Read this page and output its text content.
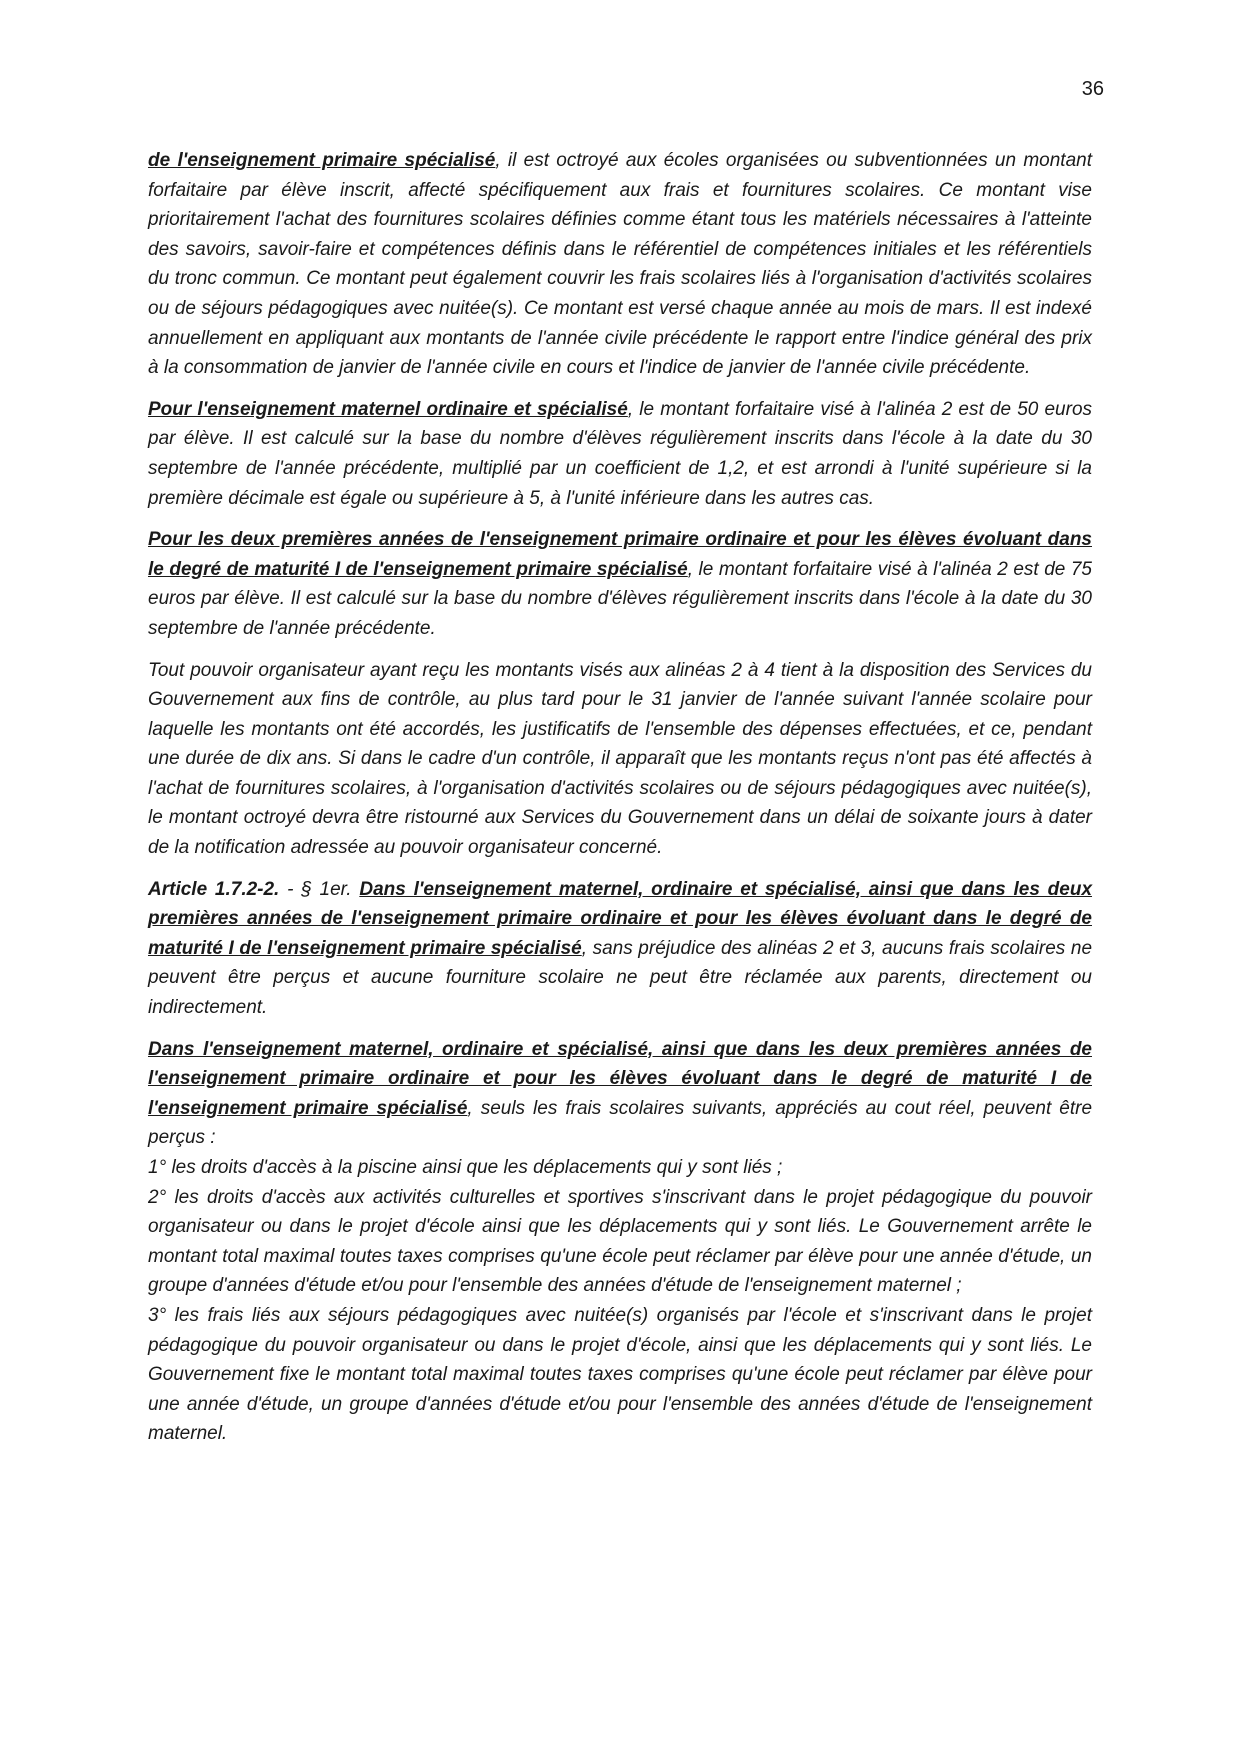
36

de l'enseignement primaire spécialisé, il est octroyé aux écoles organisées ou subventionnées un montant forfaitaire par élève inscrit, affecté spécifiquement aux frais et fournitures scolaires. Ce montant vise prioritairement l'achat des fournitures scolaires définies comme étant tous les matériels nécessaires à l'atteinte des savoirs, savoir-faire et compétences définis dans le référentiel de compétences initiales et les référentiels du tronc commun. Ce montant peut également couvrir les frais scolaires liés à l'organisation d'activités scolaires ou de séjours pédagogiques avec nuitée(s). Ce montant est versé chaque année au mois de mars. Il est indexé annuellement en appliquant aux montants de l'année civile précédente le rapport entre l'indice général des prix à la consommation de janvier de l'année civile en cours et l'indice de janvier de l'année civile précédente.

Pour l'enseignement maternel ordinaire et spécialisé, le montant forfaitaire visé à l'alinéa 2 est de 50 euros par élève. Il est calculé sur la base du nombre d'élèves régulièrement inscrits dans l'école à la date du 30 septembre de l'année précédente, multiplié par un coefficient de 1,2, et est arrondi à l'unité supérieure si la première décimale est égale ou supérieure à 5, à l'unité inférieure dans les autres cas.

Pour les deux premières années de l'enseignement primaire ordinaire et pour les élèves évoluant dans le degré de maturité I de l'enseignement primaire spécialisé, le montant forfaitaire visé à l'alinéa 2 est de 75 euros par élève. Il est calculé sur la base du nombre d'élèves régulièrement inscrits dans l'école à la date du 30 septembre de l'année précédente.

Tout pouvoir organisateur ayant reçu les montants visés aux alinéas 2 à 4 tient à la disposition des Services du Gouvernement aux fins de contrôle, au plus tard pour le 31 janvier de l'année suivant l'année scolaire pour laquelle les montants ont été accordés, les justificatifs de l'ensemble des dépenses effectuées, et ce, pendant une durée de dix ans. Si dans le cadre d'un contrôle, il apparaît que les montants reçus n'ont pas été affectés à l'achat de fournitures scolaires, à l'organisation d'activités scolaires ou de séjours pédagogiques avec nuitée(s), le montant octroyé devra être ristourné aux Services du Gouvernement dans un délai de soixante jours à dater de la notification adressée au pouvoir organisateur concerné.

Article 1.7.2-2. - § 1er. Dans l'enseignement maternel, ordinaire et spécialisé, ainsi que dans les deux premières années de l'enseignement primaire ordinaire et pour les élèves évoluant dans le degré de maturité I de l'enseignement primaire spécialisé, sans préjudice des alinéas 2 et 3, aucuns frais scolaires ne peuvent être perçus et aucune fourniture scolaire ne peut être réclamée aux parents, directement ou indirectement.

Dans l'enseignement maternel, ordinaire et spécialisé, ainsi que dans les deux premières années de l'enseignement primaire ordinaire et pour les élèves évoluant dans le degré de maturité I de l'enseignement primaire spécialisé, seuls les frais scolaires suivants, appréciés au cout réel, peuvent être perçus :
1° les droits d'accès à la piscine ainsi que les déplacements qui y sont liés ;
2° les droits d'accès aux activités culturelles et sportives s'inscrivant dans le projet pédagogique du pouvoir organisateur ou dans le projet d'école ainsi que les déplacements qui y sont liés. Le Gouvernement arrête le montant total maximal toutes taxes comprises qu'une école peut réclamer par élève pour une année d'étude, un groupe d'années d'étude et/ou pour l'ensemble des années d'étude de l'enseignement maternel ;
3° les frais liés aux séjours pédagogiques avec nuitée(s) organisés par l'école et s'inscrivant dans le projet pédagogique du pouvoir organisateur ou dans le projet d'école, ainsi que les déplacements qui y sont liés. Le Gouvernement fixe le montant total maximal toutes taxes comprises qu'une école peut réclamer par élève pour une année d'étude, un groupe d'années d'étude et/ou pour l'ensemble des années d'étude de l'enseignement maternel.
